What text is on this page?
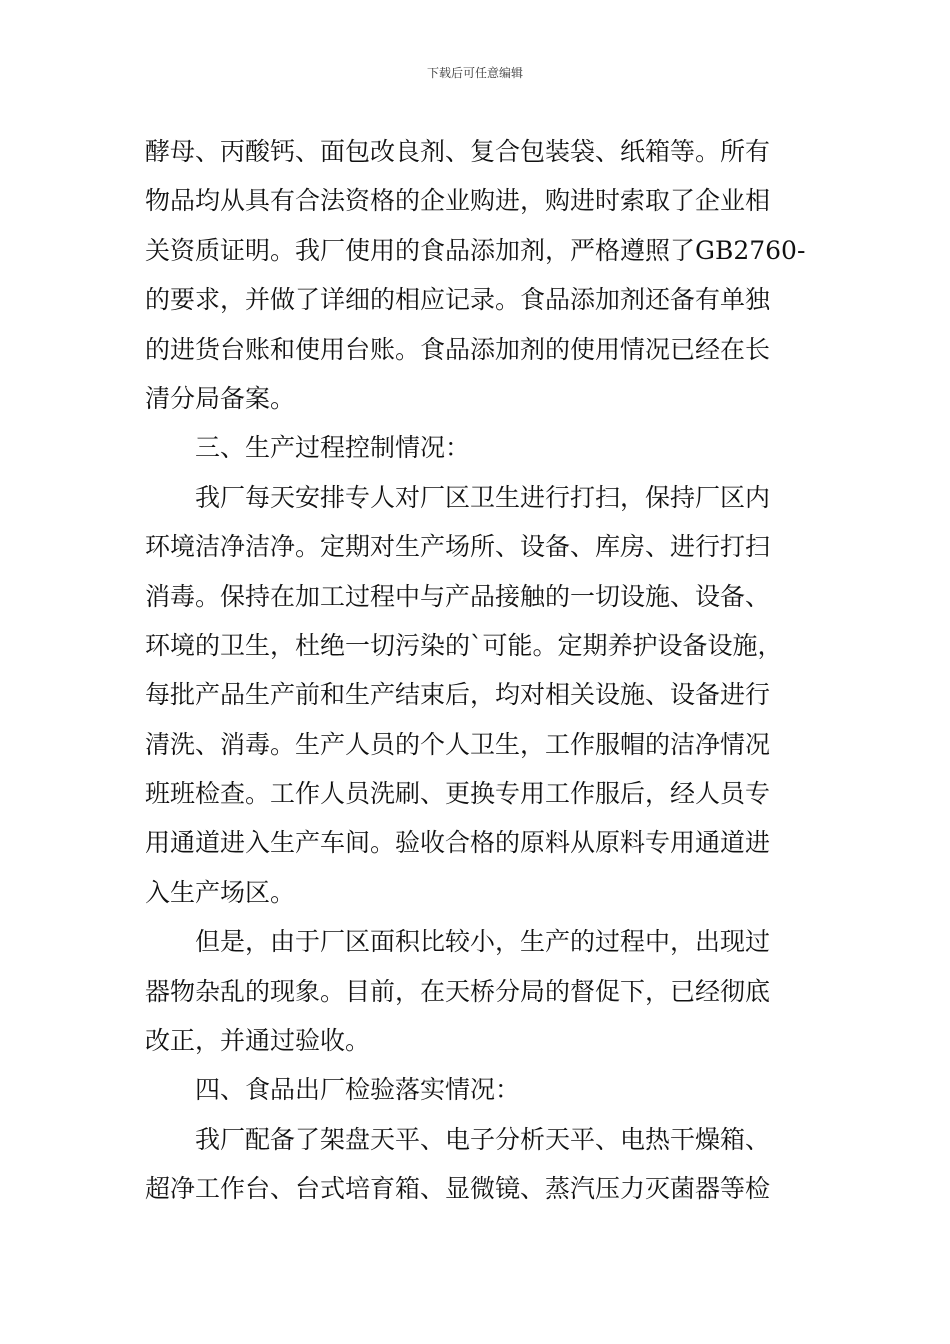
下载后可任意编辑
酵母、丙酸钙、面包改良剂、复合包装袋、纸箱等。所有
物品均从具有合法资格的企业购进，购进时索取了企业相
关资质证明。我厂使用的食品添加剂，严格遵照了GB2760-
的要求，并做了详细的相应记录。食品添加剂还备有单独
的进货台账和使用台账。食品添加剂的使用情况已经在长
清分局备案。
三、生产过程控制情况：
我厂每天安排专人对厂区卫生进行打扫，保持厂区内
环境洁净洁净。定期对生产场所、设备、库房、进行打扫
消毒。保持在加工过程中与产品接触的一切设施、设备、
环境的卫生，杜绝一切污染的`可能。定期养护设备设施，
每批产品生产前和生产结束后，均对相关设施、设备进行
清洗、消毒。生产人员的个人卫生，工作服帽的洁净情况
班班检查。工作人员洗刷、更换专用工作服后，经人员专
用通道进入生产车间。验收合格的原料从原料专用通道进
入生产场区。
但是，由于厂区面积比较小，生产的过程中，出现过
器物杂乱的现象。目前，在天桥分局的督促下，已经彻底
改正，并通过验收。
四、食品出厂检验落实情况：
我厂配备了架盘天平、电子分析天平、电热干燥箱、
超净工作台、台式培育箱、显微镜、蒸汽压力灭菌器等检
